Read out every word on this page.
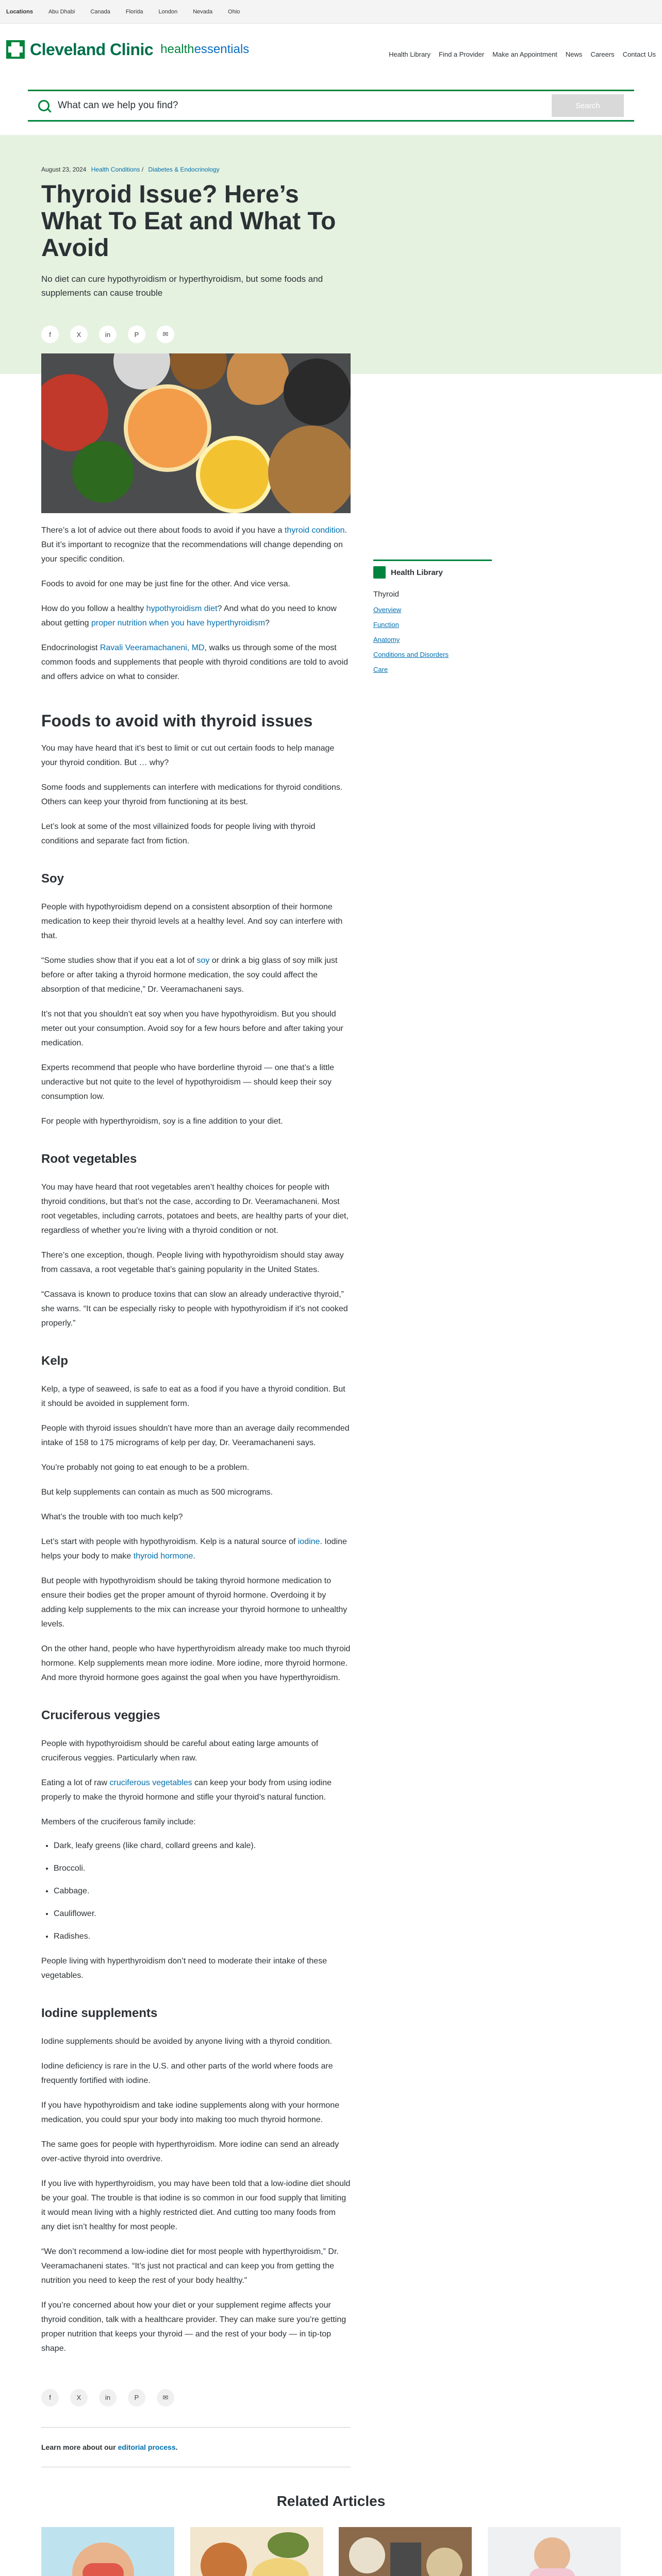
Locations	Abu Dhabi	Canada	Florida	London	Nevada	Ohio
Cleveland Clinic healthessentials	Health Library Find a Provider Make an Appointment News Careers Contact Us
What can we help you find?
Search
August 23, 2024 Health Conditions / Diabetes & Endocrinology
Thyroid Issue? Here’s What To Eat and What To Avoid

No diet can cure hypothyroidism or hyperthyroidism, but some foods and supplements can cause trouble

f	X	in	P	✉

There’s a lot of advice out there about foods to avoid if you have a thyroid condition. But it’s important to recognize that the recommendations will change depending on your specific condition.

Foods to avoid for one may be just fine for the other. And vice versa.

How do you follow a healthy hypothyroidism diet? And what do you need to know about getting proper nutrition when you have hyperthyroidism?

Endocrinologist Ravali Veeramachaneni, MD, walks us through some of the most common foods and supplements that people with thyroid conditions are told to avoid and offers advice on what to consider.

Foods to avoid with thyroid issues

You may have heard that it’s best to limit or cut out certain foods to help manage your thyroid condition. But … why?

Some foods and supplements can interfere with medications for thyroid conditions. Others can keep your thyroid from functioning at its best.

Let’s look at some of the most villainized foods for people living with thyroid conditions and separate fact from fiction.

Soy

People with hypothyroidism depend on a consistent absorption of their hormone medication to keep their thyroid levels at a healthy level. And soy can interfere with that.

“Some studies show that if you eat a lot of soy or drink a big glass of soy milk just before or after taking a thyroid hormone medication, the soy could affect the absorption of that medicine,” Dr. Veeramachaneni says.

It’s not that you shouldn’t eat soy when you have hypothyroidism. But you should meter out your consumption. Avoid soy for a few hours before and after taking your medication.

Experts recommend that people who have borderline thyroid — one that’s a little underactive but not quite to the level of hypothyroidism — should keep their soy consumption low.

For people with hyperthyroidism, soy is a fine addition to your diet.

Root vegetables

You may have heard that root vegetables aren’t healthy choices for people with thyroid conditions, but that’s not the case, according to Dr. Veeramachaneni. Most root vegetables, including carrots, potatoes and beets, are healthy parts of your diet, regardless of whether you’re living with a thyroid condition or not.

There’s one exception, though. People living with hypothyroidism should stay away from cassava, a root vegetable that’s gaining popularity in the United States.

“Cassava is known to produce toxins that can slow an already underactive thyroid,” she warns. “It can be especially risky to people with hypothyroidism if it’s not cooked properly.”

Kelp

Kelp, a type of seaweed, is safe to eat as a food if you have a thyroid condition. But it should be avoided in supplement form.

People with thyroid issues shouldn’t have more than an average daily recommended intake of 158 to 175 micrograms of kelp per day, Dr. Veeramachaneni says.

You’re probably not going to eat enough to be a problem.

But kelp supplements can contain as much as 500 micrograms.

What’s the trouble with too much kelp?

Let’s start with people with hypothyroidism. Kelp is a natural source of iodine. Iodine helps your body to make thyroid hormone.

But people with hypothyroidism should be taking thyroid hormone medication to ensure their bodies get the proper amount of thyroid hormone. Overdoing it by adding kelp supplements to the mix can increase your thyroid hormone to unhealthy levels.

On the other hand, people who have hyperthyroidism already make too much thyroid hormone. Kelp supplements mean more iodine. More iodine, more thyroid hormone. And more thyroid hormone goes against the goal when you have hyperthyroidism.

Cruciferous veggies

People with hypothyroidism should be careful about eating large amounts of cruciferous veggies. Particularly when raw.

Eating a lot of raw cruciferous vegetables can keep your body from using iodine properly to make the thyroid hormone and stifle your thyroid’s natural function.

Members of the cruciferous family include:

• Dark, leafy greens (like chard, collard greens and kale).
• Broccoli.
• Cabbage.
• Cauliflower.
• Radishes.

People living with hyperthyroidism don’t need to moderate their intake of these vegetables.

Iodine supplements

Iodine supplements should be avoided by anyone living with a thyroid condition.

Iodine deficiency is rare in the U.S. and other parts of the world where foods are frequently fortified with iodine.

If you have hypothyroidism and take iodine supplements along with your hormone medication, you could spur your body into making too much thyroid hormone.

The same goes for people with hyperthyroidism. More iodine can send an already over-active thyroid into overdrive.

If you live with hyperthyroidism, you may have been told that a low-iodine diet should be your goal. The trouble is that iodine is so common in our food supply that limiting it would mean living with a highly restricted diet. And cutting too many foods from any diet isn’t healthy for most people.

“We don’t recommend a low-iodine diet for most people with hyperthyroidism,” Dr. Veeramachaneni states. “It’s just not practical and can keep you from getting the nutrition you need to keep the rest of your body healthy.”

If you’re concerned about how your diet or your supplement regime affects your thyroid condition, talk with a healthcare provider. They can make sure you’re getting proper nutrition that keeps your thyroid — and the rest of your body — in tip-top shape.

f	X	in	P	✉
Learn more about our editorial process.
Health Library
Thyroid
Overview
Function
Anatomy
Conditions and Disorders
Care
Related Articles
